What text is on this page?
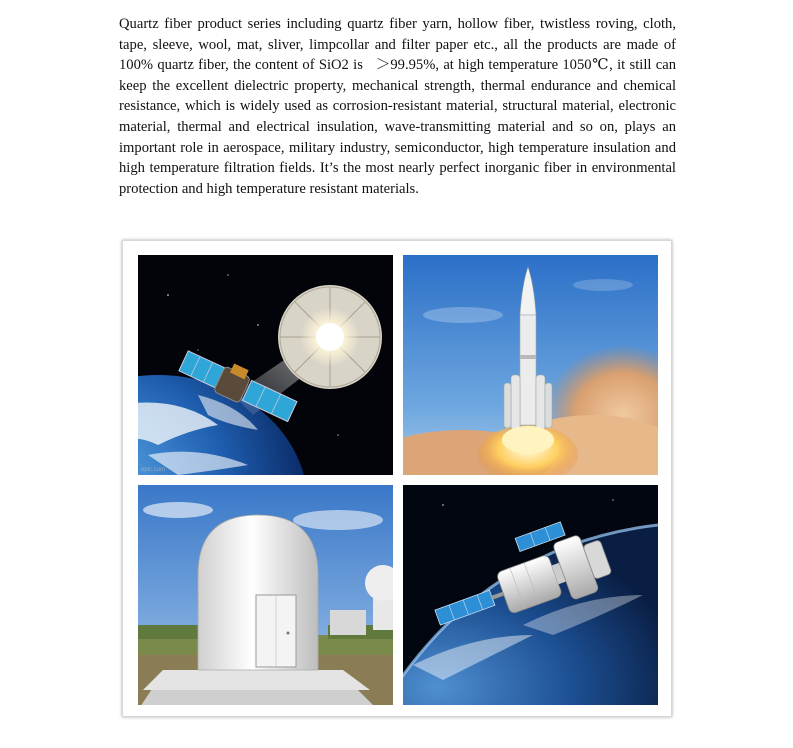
Quartz fiber product series including quartz fiber yarn, hollow fiber, twistless roving, cloth, tape, sleeve, wool, mat, sliver, limpcollar and filter paper etc., all the products are made of 100% quartz fiber, the content of SiO2 is   ＞99.95%, at high temperature 1050℃, it still can keep the excellent dielectric property, mechanical strength, thermal endurance and chemical resistance, which is widely used as corrosion-resistant material, structural material, electronic material, thermal and electrical insulation, wave-transmitting material and so on, plays an important role in aerospace, military industry, semiconductor, high temperature insulation and high temperature filtration fields. It’s the most nearly perfect inorganic fiber in environmental protection and high temperature resistant materials.

epic.com
